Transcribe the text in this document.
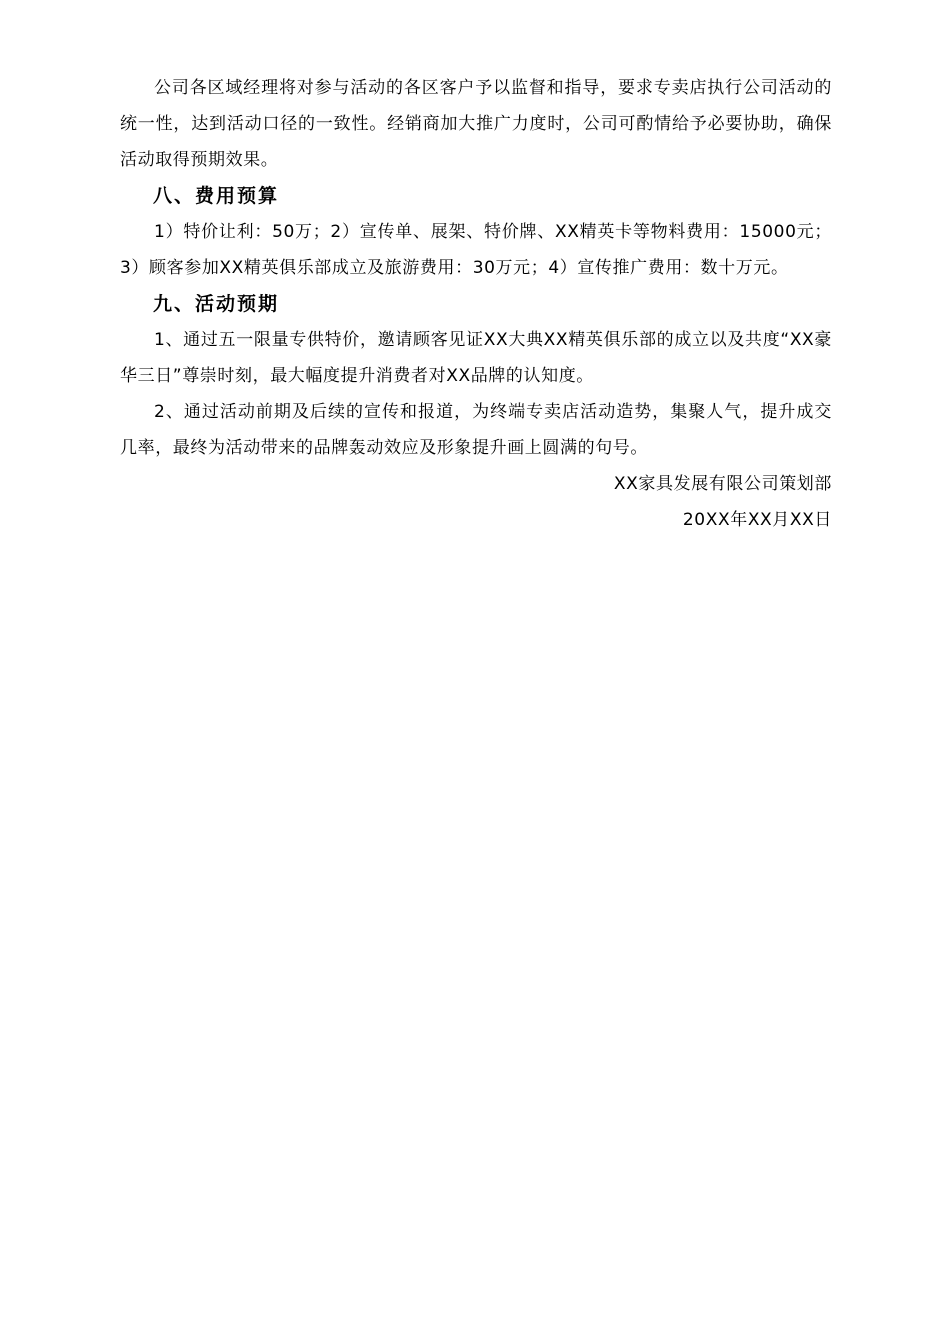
公司各区域经理将对参与活动的各区客户予以监督和指导，要求专卖店执行公司活动的统一性，达到活动口径的一致性。经销商加大推广力度时，公司可酌情给予必要协助，确保活动取得预期效果。

八、费用预算

1）特价让利：50万；2）宣传单、展架、特价牌、XX精英卡等物料费用：15000元；3）顾客参加XX精英俱乐部成立及旅游费用：30万元；4）宣传推广费用：数十万元。

九、活动预期

1、通过五一限量专供特价，邀请顾客见证XX大典XX精英俱乐部的成立以及共度“XX豪华三日”尊崇时刻，最大幅度提升消费者对XX品牌的认知度。

2、通过活动前期及后续的宣传和报道，为终端专卖店活动造势，集聚人气，提升成交几率，最终为活动带来的品牌轰动效应及形象提升画上圆满的句号。

XX家具发展有限公司策划部

20XX年XX月XX日
